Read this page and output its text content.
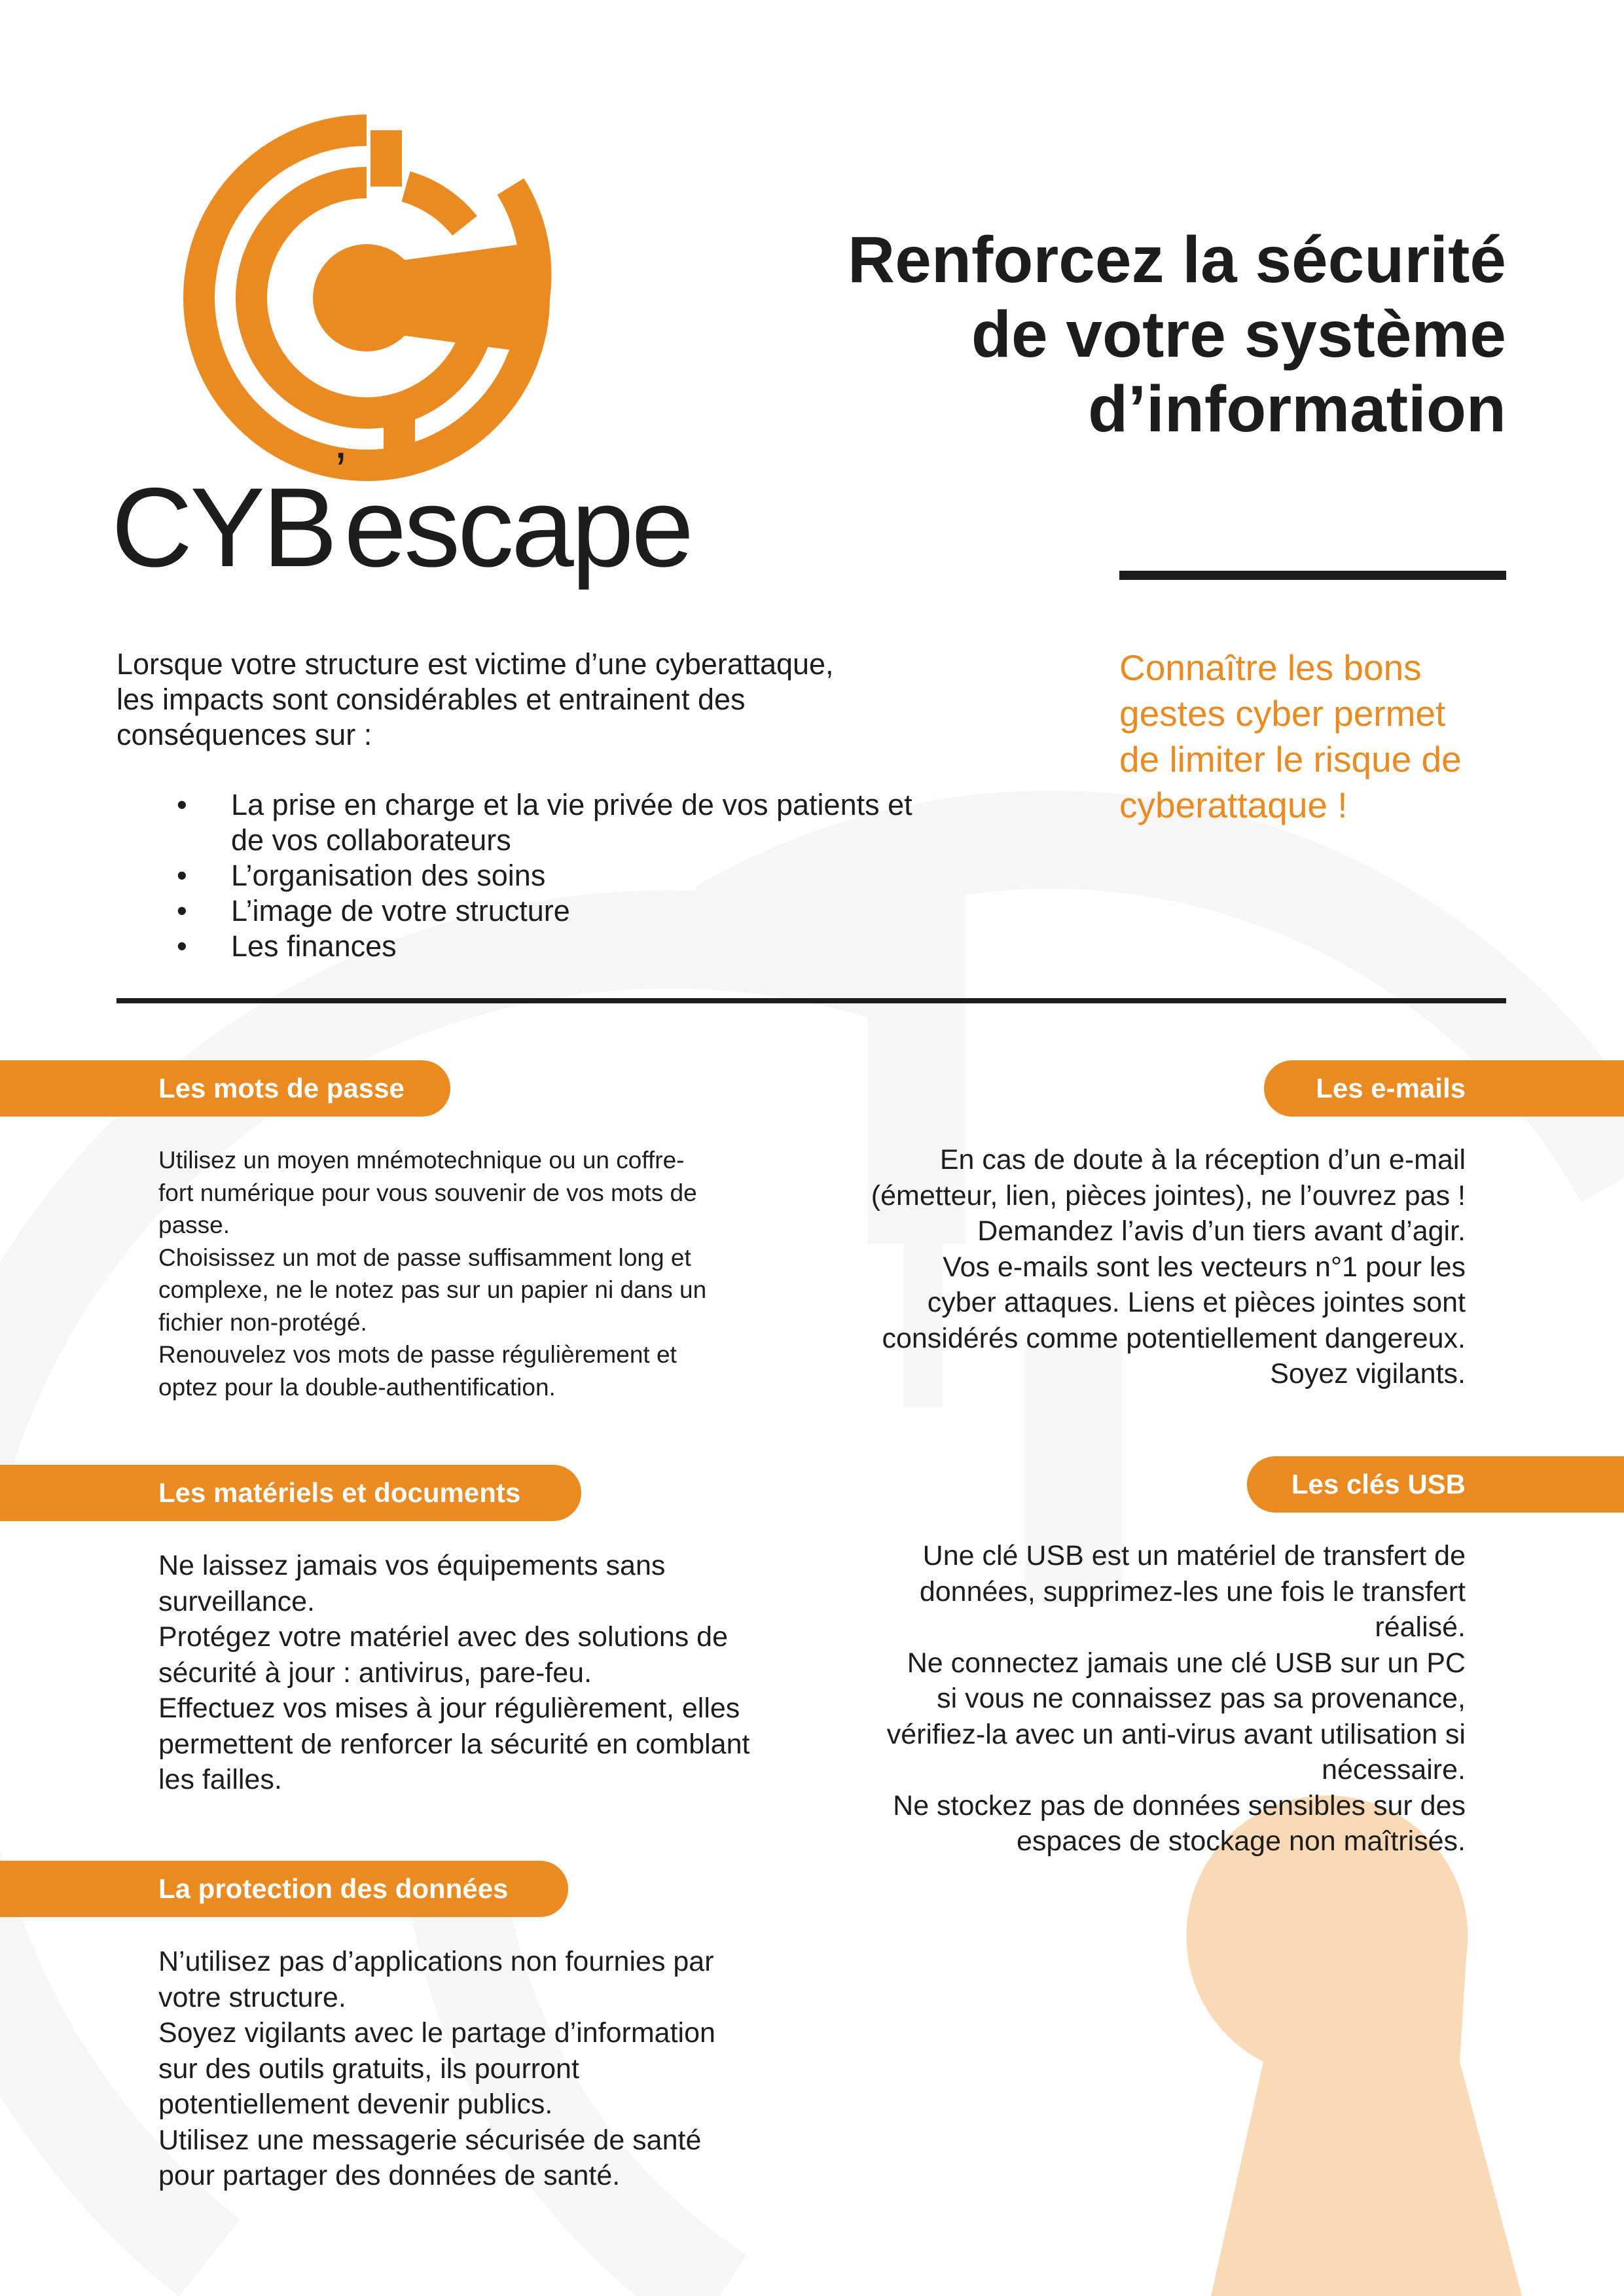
CYB’escape
Renforcez la sécurité
de votre système
d’information
Lorsque votre structure est victime d’une cyberattaque,
les impacts sont considérables et entrainent des
conséquences sur :
• La prise en charge et la vie privée de vos patients et
de vos collaborateurs
• L’organisation des soins
• L’image de votre structure
• Les finances
Connaître les bons
gestes cyber permet
de limiter le risque de
cyberattaque !
Les mots de passe
Utilisez un moyen mnémotechnique ou un coffre-
fort numérique pour vous souvenir de vos mots de
passe.
Choisissez un mot de passe suffisamment long et
complexe, ne le notez pas sur un papier ni dans un
fichier non-protégé.
Renouvelez vos mots de passe régulièrement et
optez pour la double-authentification.
Les e-mails
En cas de doute à la réception d’un e-mail
(émetteur, lien, pièces jointes), ne l’ouvrez pas !
Demandez l’avis d’un tiers avant d’agir.
Vos e-mails sont les vecteurs n°1 pour les
cyber attaques. Liens et pièces jointes sont
considérés comme potentiellement dangereux.
Soyez vigilants.
Les matériels et documents
Ne laissez jamais vos équipements sans
surveillance.
Protégez votre matériel avec des solutions de
sécurité à jour : antivirus, pare-feu.
Effectuez vos mises à jour régulièrement, elles
permettent de renforcer la sécurité en comblant
les failles.
Les clés USB
Une clé USB est un matériel de transfert de
données, supprimez-les une fois le transfert
réalisé.
Ne connectez jamais une clé USB sur un PC
si vous ne connaissez pas sa provenance,
vérifiez-la avec un anti-virus avant utilisation si
nécessaire.
Ne stockez pas de données sensibles sur des
espaces de stockage non maîtrisés.
La protection des données
N’utilisez pas d’applications non fournies par
votre structure.
Soyez vigilants avec le partage d’information
sur des outils gratuits, ils pourront
potentiellement devenir publics.
Utilisez une messagerie sécurisée de santé
pour partager des données de santé.
